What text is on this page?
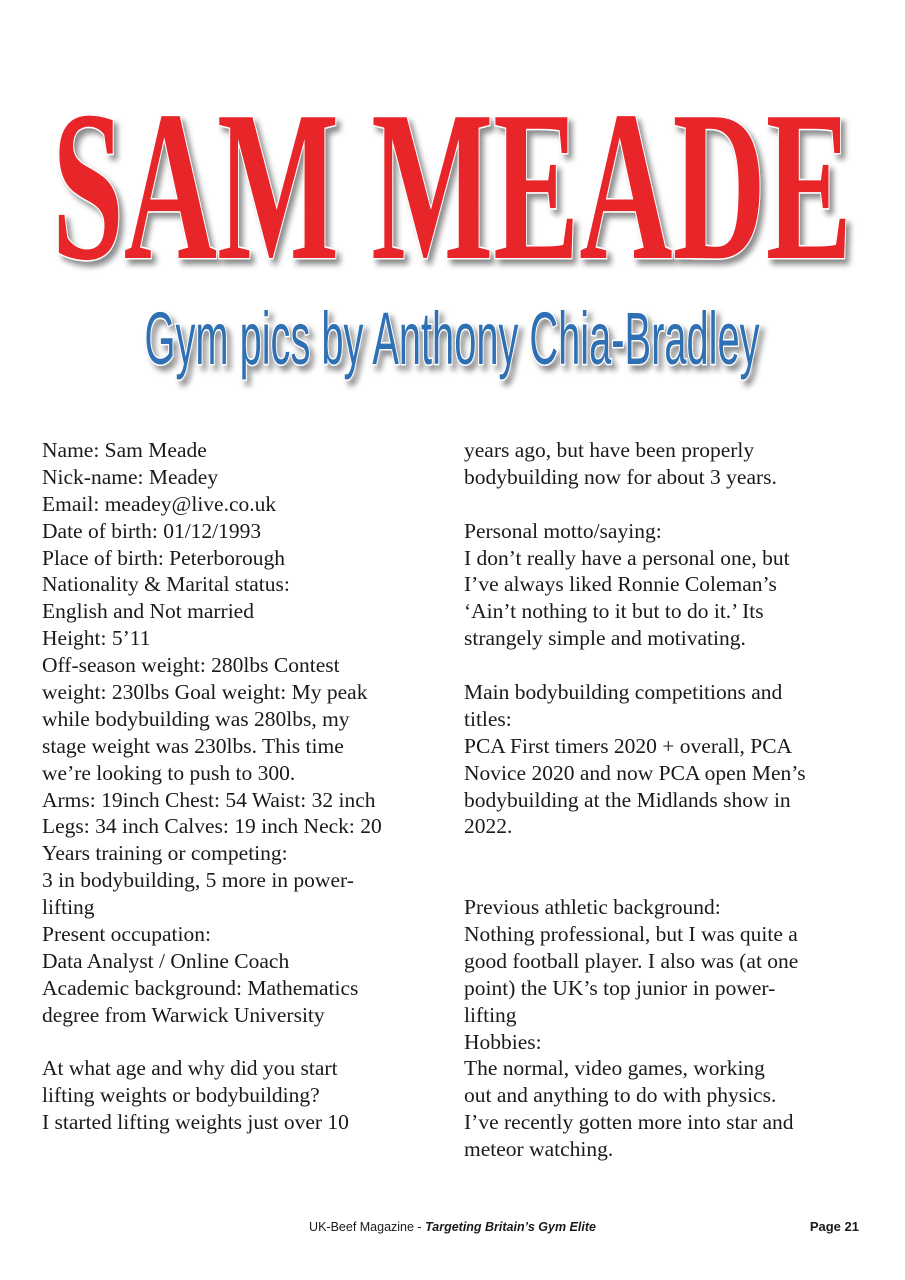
SAM MEADE
Gym pics by Anthony Chia-Bradley
Name: Sam Meade
Nick-name: Meadey
Email: meadey@live.co.uk
Date of birth: 01/12/1993
Place of birth: Peterborough
Nationality & Marital status:
English and Not married
Height: 5’11
Off-season weight: 280lbs Contest
weight: 230lbs Goal weight: My peak
while bodybuilding was 280lbs, my
stage weight was 230lbs. This time
we’re looking to push to 300.
Arms: 19inch Chest: 54 Waist: 32 inch
Legs: 34 inch Calves: 19 inch Neck: 20
Years training or competing:
3 in bodybuilding, 5 more in power-
lifting
Present occupation:
Data Analyst / Online Coach
Academic background: Mathematics
degree from Warwick University
At what age and why did you start
lifting weights or bodybuilding?
I started lifting weights just over 10
years ago, but have been properly
bodybuilding now for about 3 years.
Personal motto/saying:
I don’t really have a personal one, but
I’ve always liked Ronnie Coleman’s
‘Ain’t nothing to it but to do it.’ Its
strangely simple and motivating.
Main bodybuilding competitions and
titles:
PCA First timers 2020 + overall, PCA
Novice 2020 and now PCA open Men’s
bodybuilding at the Midlands show in
2022.
Previous athletic background:
Nothing professional, but I was quite a
good football player. I also was (at one
point) the UK’s top junior in power-
lifting
Hobbies:
The normal, video games, working
out and anything to do with physics.
I’ve recently gotten more into star and
meteor watching.
UK-Beef Magazine - Targeting Britain’s Gym Elite	Page 21
